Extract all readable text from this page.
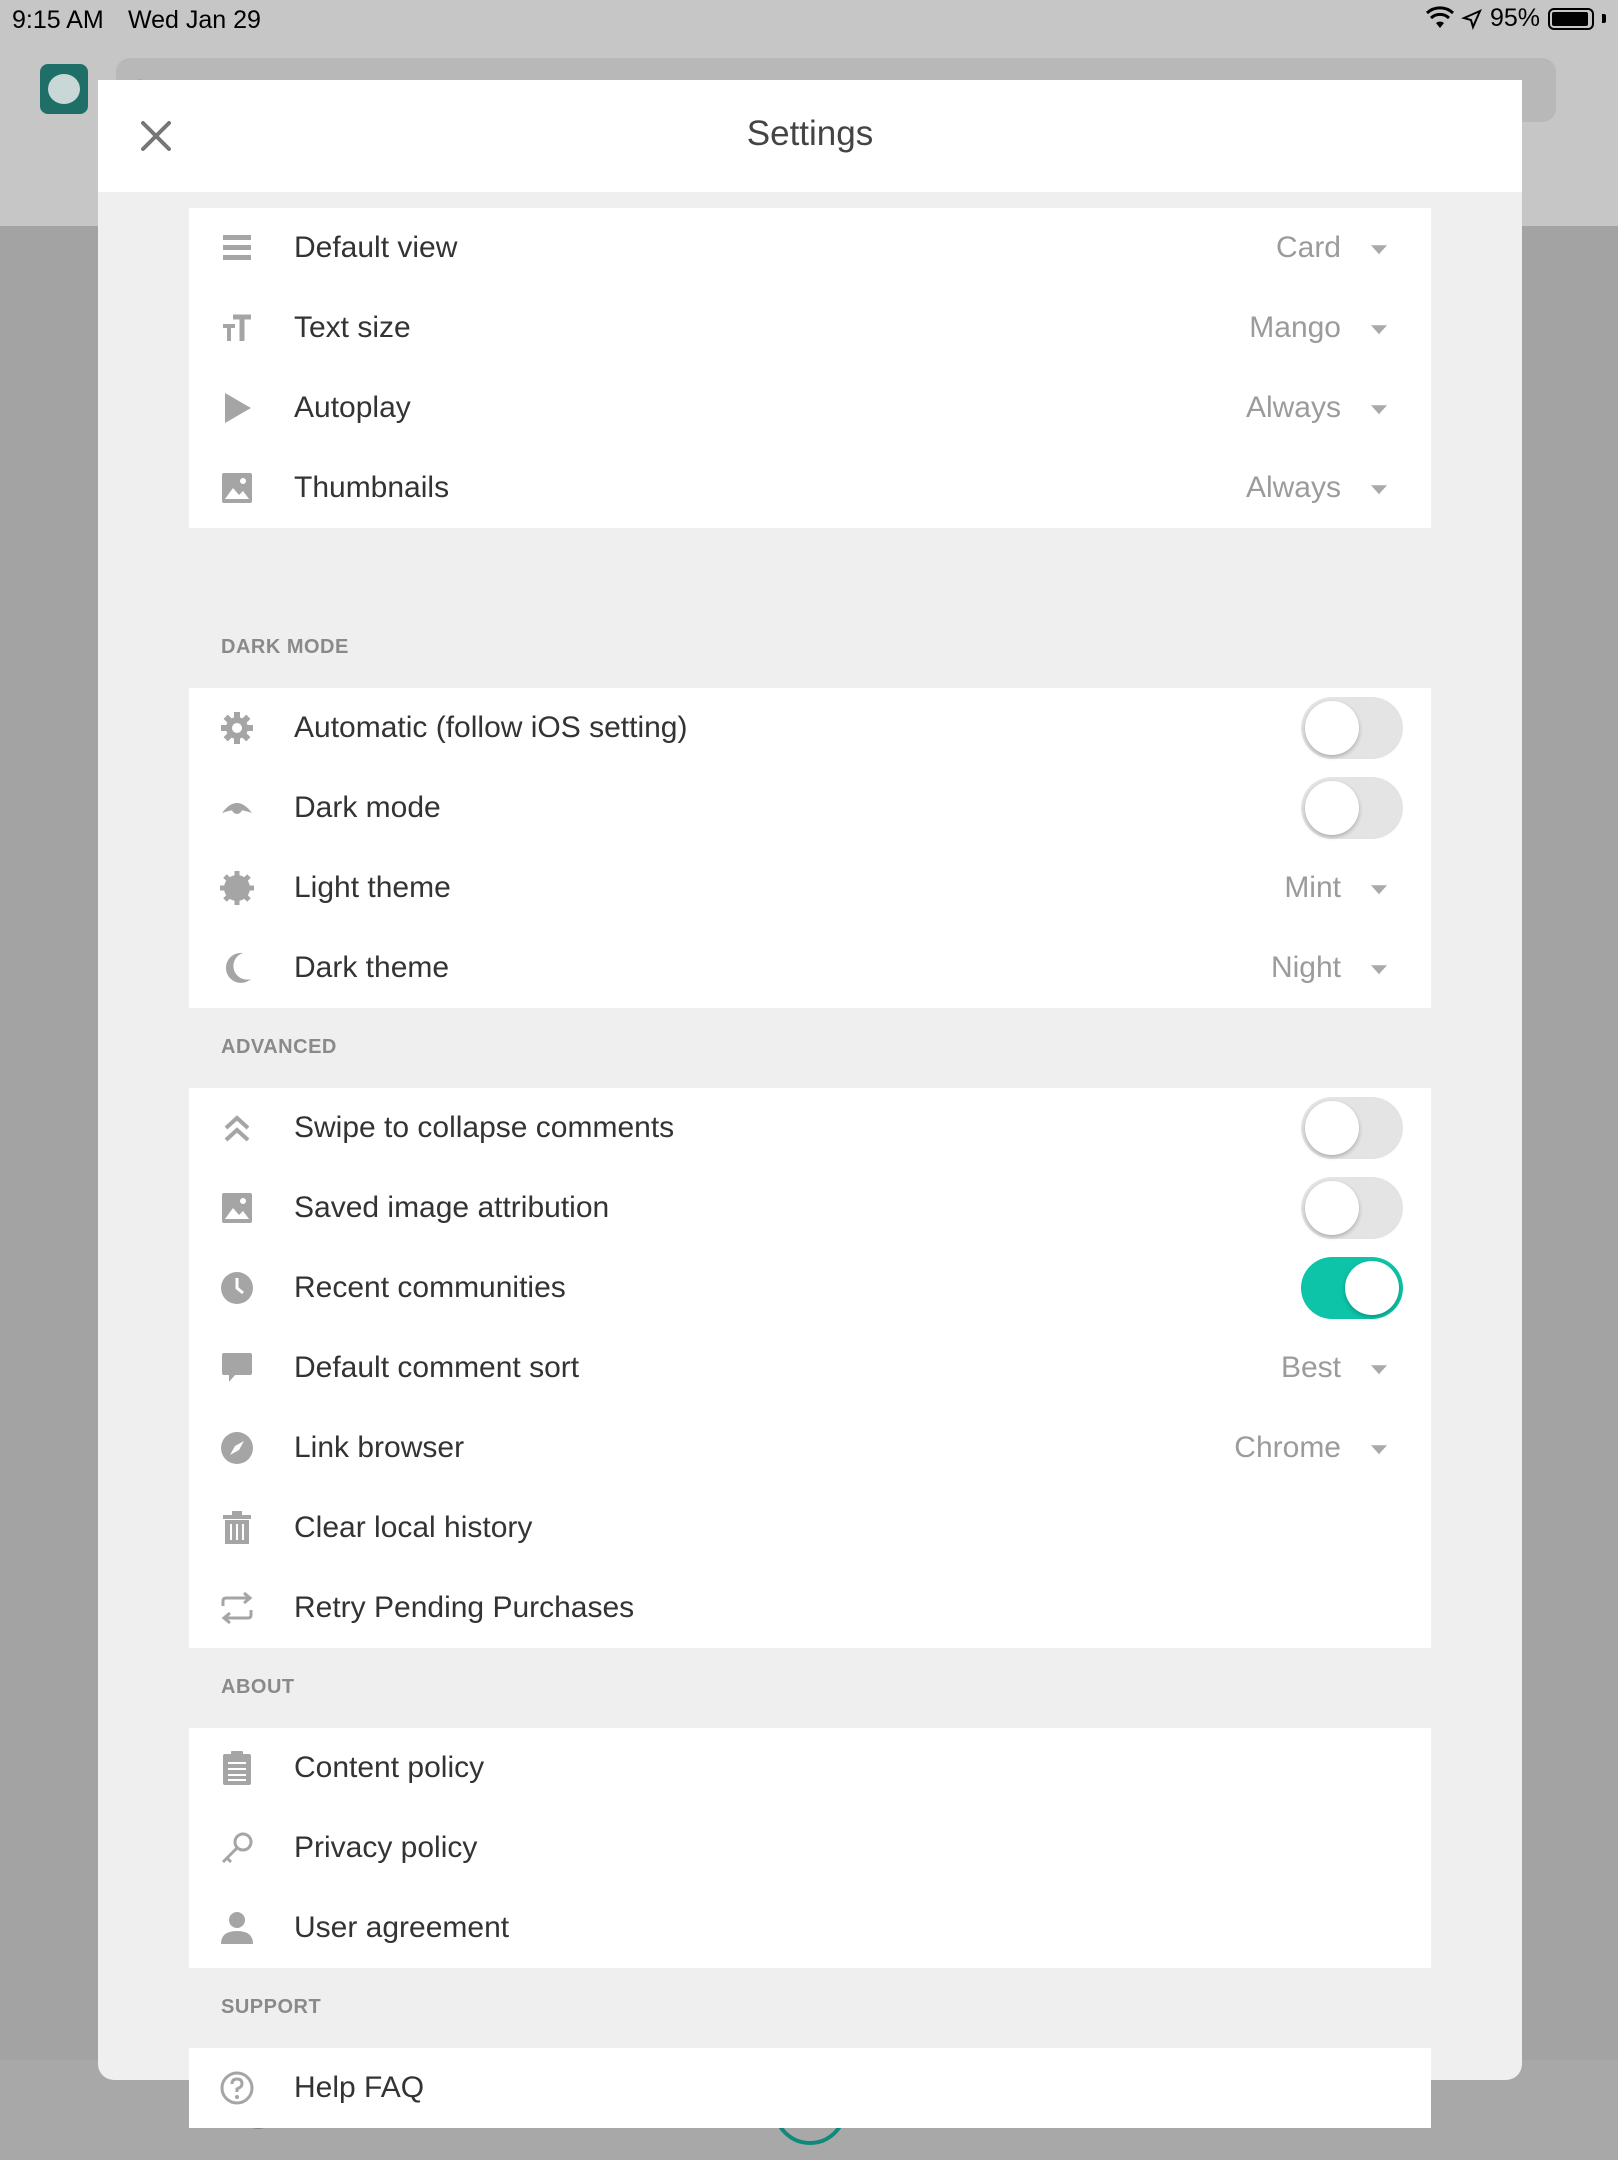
9:15 AM Wed Jan 29	95%
Settings
Default view	Card
Text size	Mango
Autoplay	Always
Thumbnails	Always
DARK MODE
Automatic (follow iOS setting)
Dark mode
Light theme	Mint
Dark theme	Night
ADVANCED
Swipe to collapse comments
Saved image attribution
Recent communities
Default comment sort	Best
Link browser	Chrome
Clear local history
Retry Pending Purchases
ABOUT
Content policy
Privacy policy
User agreement
SUPPORT
Help FAQ
